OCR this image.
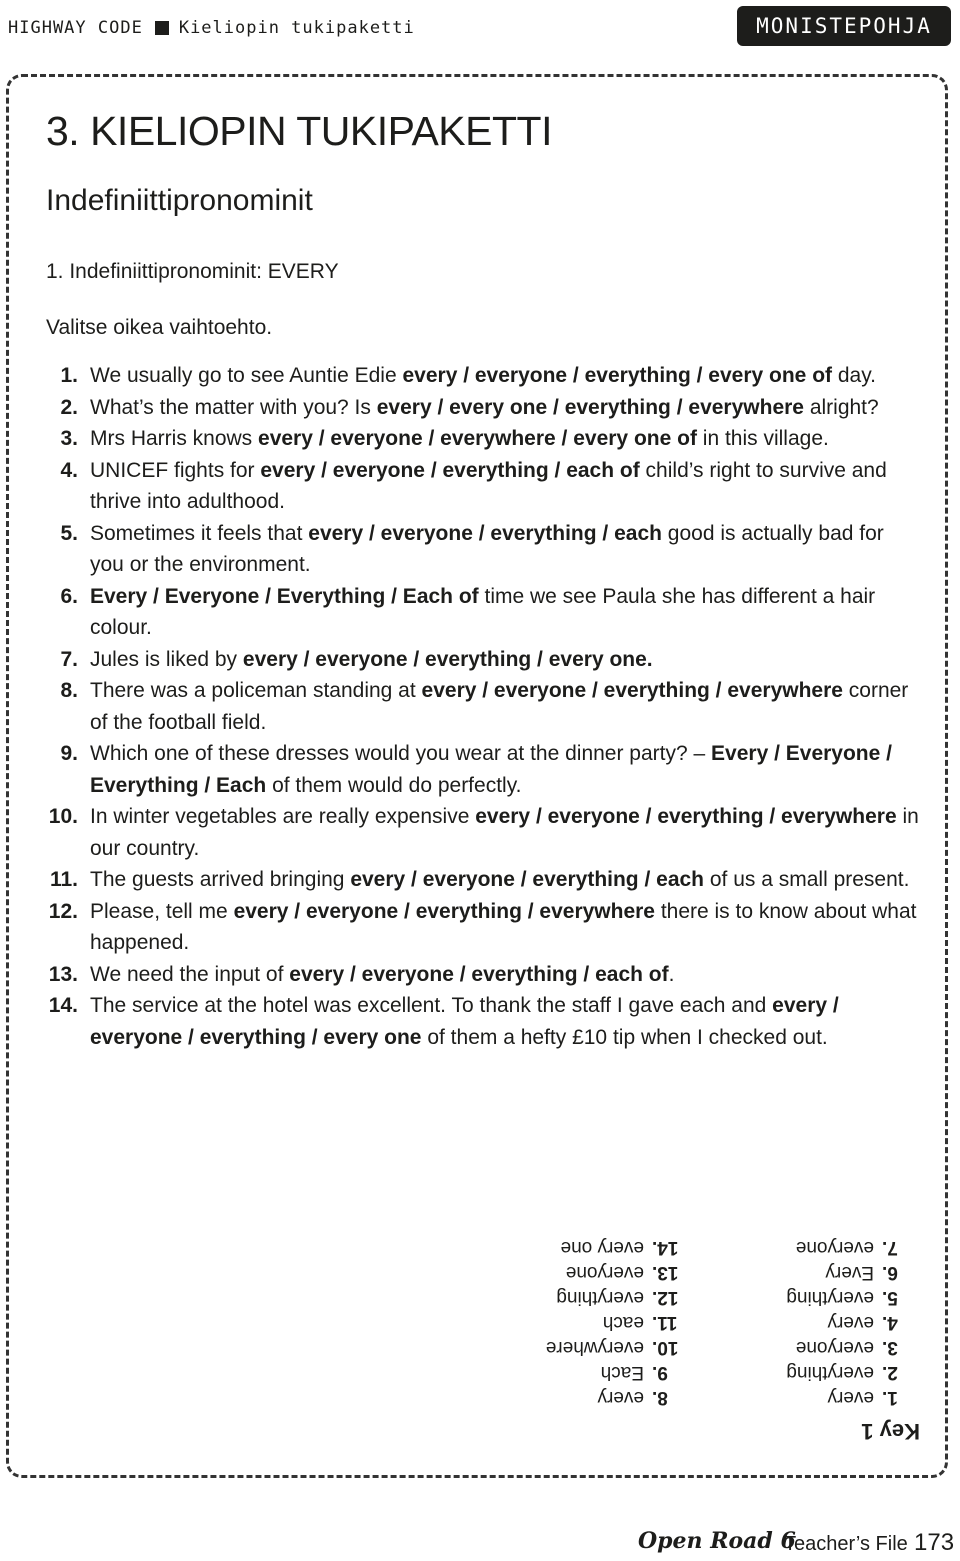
HIGHWAY CODE Kieliopin tukipaketti	MONISTEPOHJA
3. KIELIOPIN TUKIPAKETTI
Indefiniittipronominit
1. Indefiniittipronominit: EVERY
Valitse oikea vaihtoehto.
1. We usually go to see Auntie Edie every / everyone / everything / every one of day.
2. What’s the matter with you? Is every / every one / everything / everywhere alright?
3. Mrs Harris knows every / everyone / everywhere / every one of in this village.
4. UNICEF fights for every / everyone / everything / each of child’s right to survive and thrive into adulthood.
5. Sometimes it feels that every / everyone / everything / each good is actually bad for you or the environment.
6. Every / Everyone / Everything / Each of time we see Paula she has different a hair colour.
7. Jules is liked by every / everyone / everything / every one.
8. There was a policeman standing at every / everyone / everything / everywhere corner of the football field.
9. Which one of these dresses would you wear at the dinner party? – Every / Everyone / Everything / Each of them would do perfectly.
10. In winter vegetables are really expensive every / everyone / everything / everywhere in our country.
11. The guests arrived bringing every / everyone / everything / each of us a small present.
12. Please, tell me every / everyone / everything / everywhere there is to know about what happened.
13. We need the input of every / everyone / everything / each of.
14. The service at the hotel was excellent. To thank the staff I gave each and every / everyone / everything / every one of them a hefty £10 tip when I checked out.
Key 1
1.every
2.everything
3.everyone
4.every
5.everything
6.Every
7.everyone
8.every
9.Each
10.everywhere
11.each
12.everything
13.everyone
14.every one
Open Road 6
Teacher’s File 173
